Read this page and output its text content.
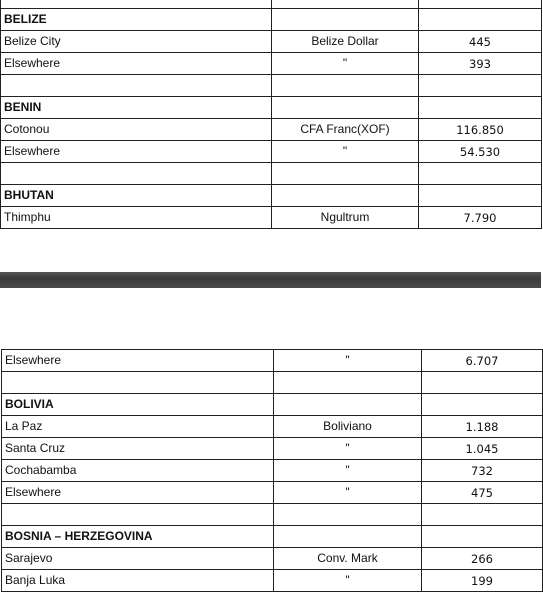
BELIZE		
Belize City	Belize Dollar	445
Elsewhere	"	393

BENIN		
Cotonou	CFA Franc(XOF)	116.850
Elsewhere	"	54.530

BHUTAN		
Thimphu	Ngultrum	7.790
Elsewhere	"	6.707

BOLIVIA		
La Paz	Boliviano	1.188
Santa Cruz	"	1.045
Cochabamba	"	732
Elsewhere	"	475

BOSNIA – HERZEGOVINA		
Sarajevo	Conv. Mark	266
Banja Luka	"	199
